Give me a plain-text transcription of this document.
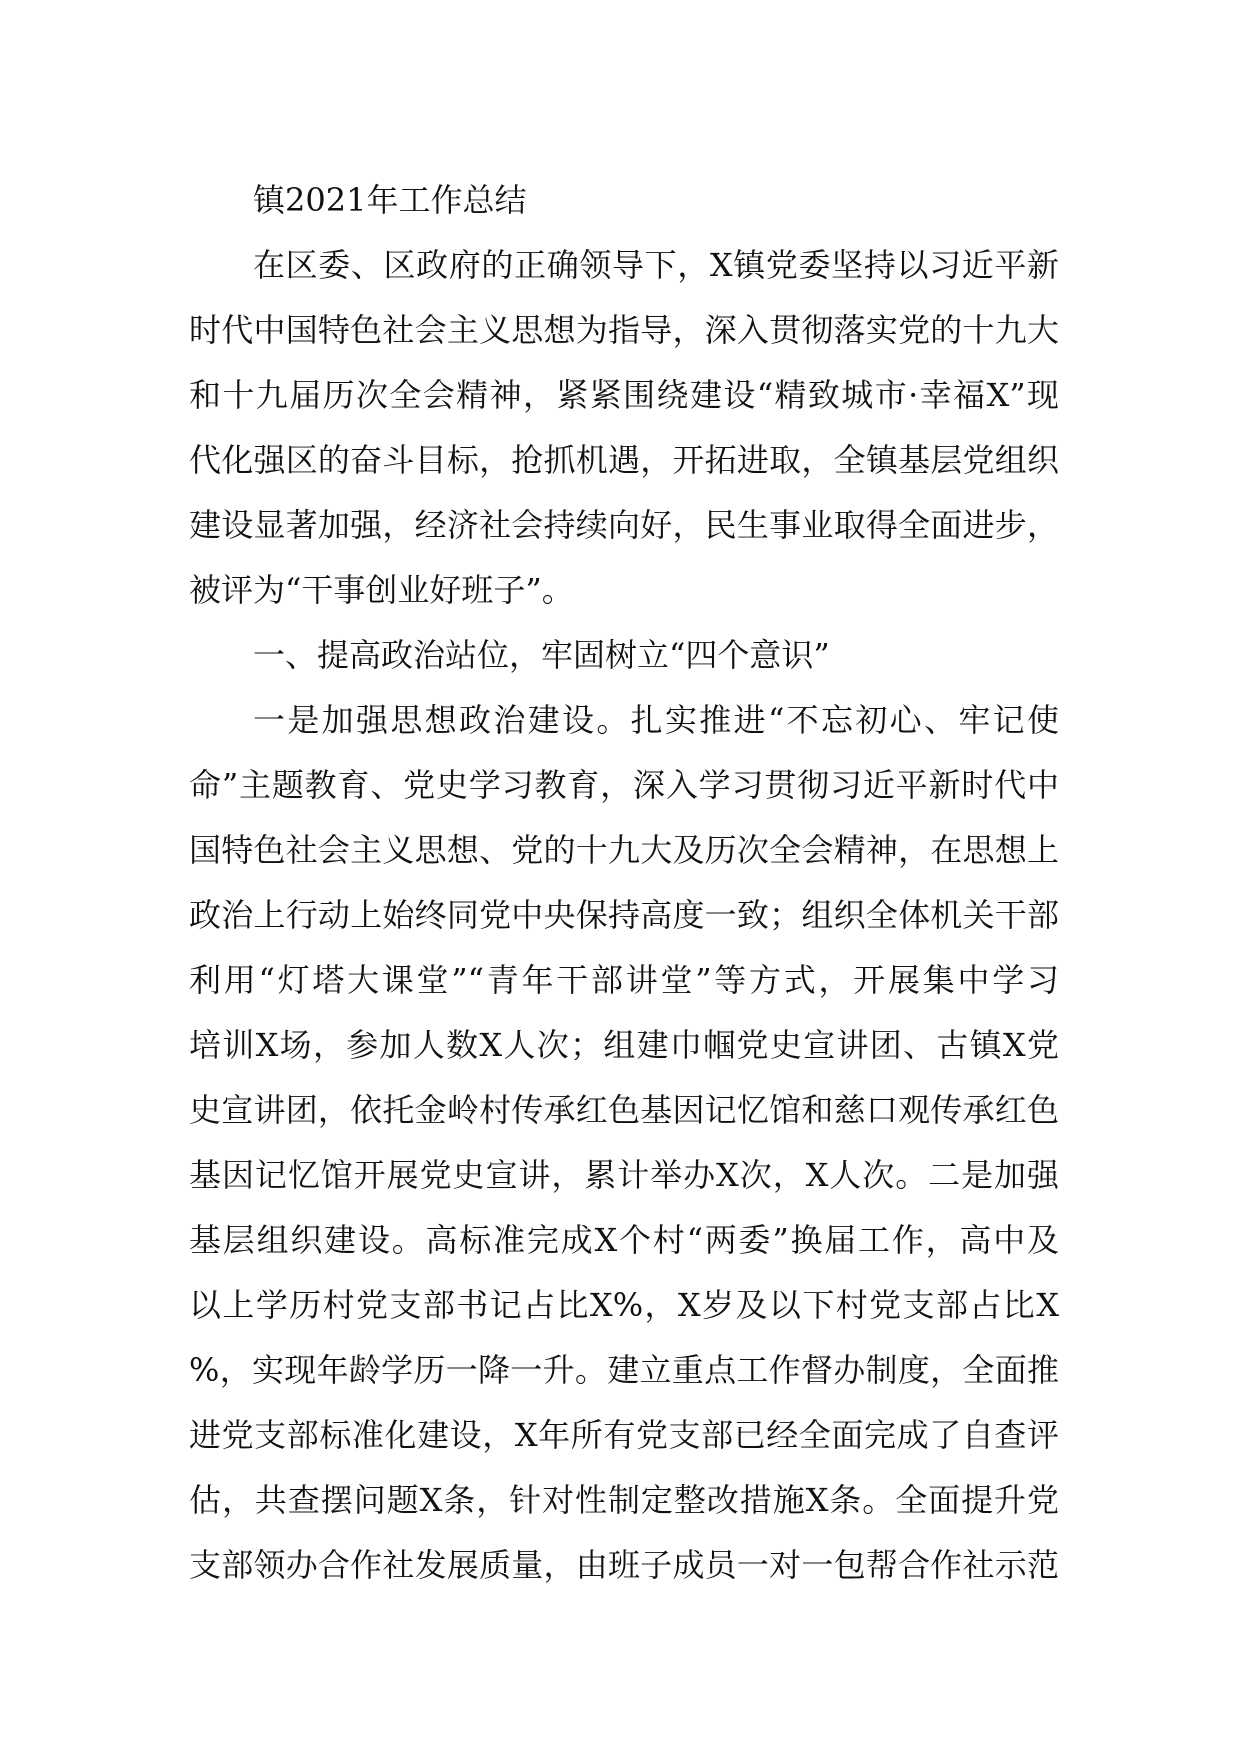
镇2021年工作总结
在区委、区政府的正确领导下，X镇党委坚持以习近平新
时代中国特色社会主义思想为指导，深入贯彻落实党的十九大
和十九届历次全会精神，紧紧围绕建设“精致城市·幸福X”现
代化强区的奋斗目标，抢抓机遇，开拓进取，全镇基层党组织
建设显著加强，经济社会持续向好，民生事业取得全面进步，
被评为“干事创业好班子”。
一、提高政治站位，牢固树立“四个意识”
一是加强思想政治建设。扎实推进“不忘初心、牢记使
命”主题教育、党史学习教育，深入学习贯彻习近平新时代中
国特色社会主义思想、党的十九大及历次全会精神，在思想上
政治上行动上始终同党中央保持高度一致；组织全体机关干部
利用“灯塔大课堂”“青年干部讲堂”等方式，开展集中学习
培训X场，参加人数X人次；组建巾帼党史宣讲团、古镇X党
史宣讲团，依托金岭村传承红色基因记忆馆和慈口观传承红色
基因记忆馆开展党史宣讲，累计举办X次，X人次。二是加强
基层组织建设。高标准完成X个村“两委”换届工作，高中及
以上学历村党支部书记占比X%，X岁及以下村党支部占比X
%，实现年龄学历一降一升。建立重点工作督办制度，全面推
进党支部标准化建设，X年所有党支部已经全面完成了自查评
估，共查摆问题X条，针对性制定整改措施X条。全面提升党
支部领办合作社发展质量，由班子成员一对一包帮合作社示范
